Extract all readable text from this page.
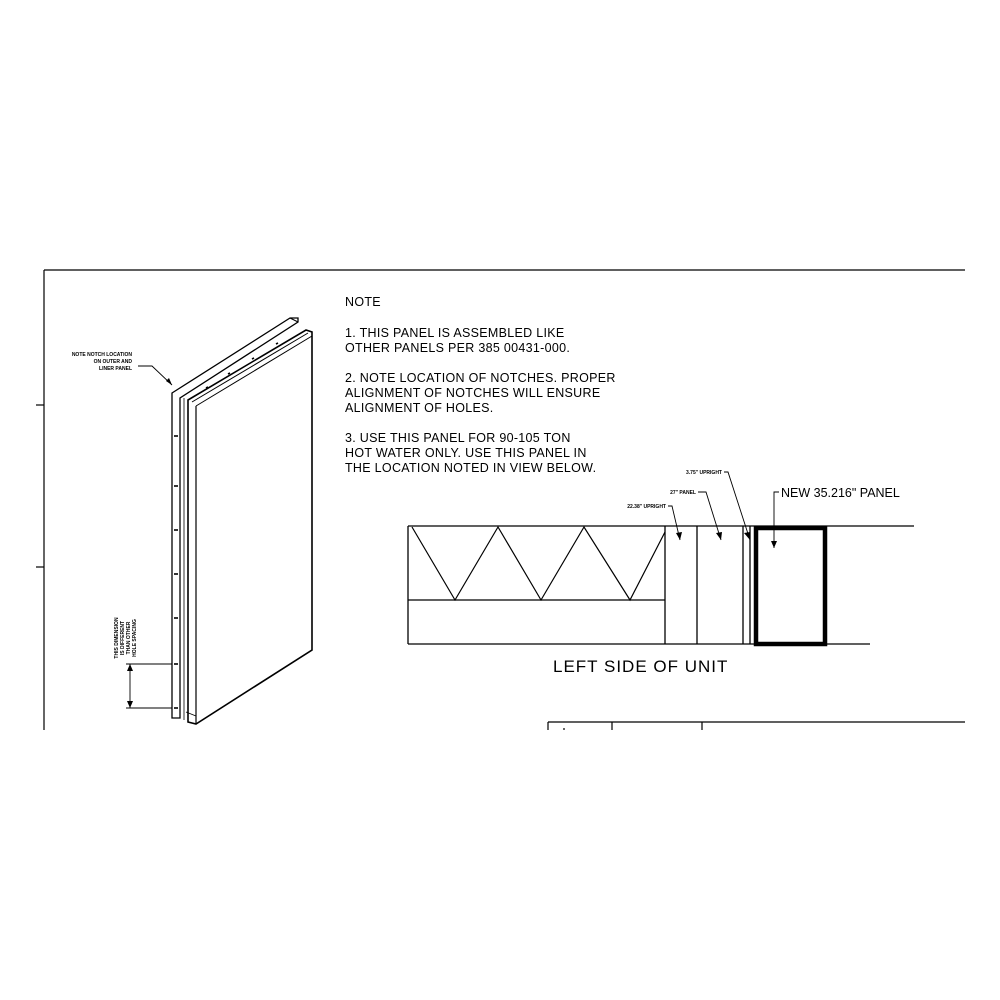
NOTE NOTCH LOCATION
ON OUTER AND
LINER PANEL
THIS DIMENSION IS DIFFERENT THAN OTHER HOLE SPACING
NOTE
1. THIS PANEL IS ASSEMBLED LIKE
OTHER PANELS PER 385 00431-000.
2. NOTE LOCATION OF NOTCHES. PROPER
ALIGNMENT OF NOTCHES WILL ENSURE
ALIGNMENT OF HOLES.
3. USE THIS PANEL FOR 90-105 TON
HOT WATER ONLY. USE THIS PANEL IN
THE LOCATION NOTED IN VIEW BELOW.	3.75" UPRIGHT
27" PANEL
22.38" UPRIGHT
NEW 35.216" PANEL
LEFT SIDE OF UNIT
